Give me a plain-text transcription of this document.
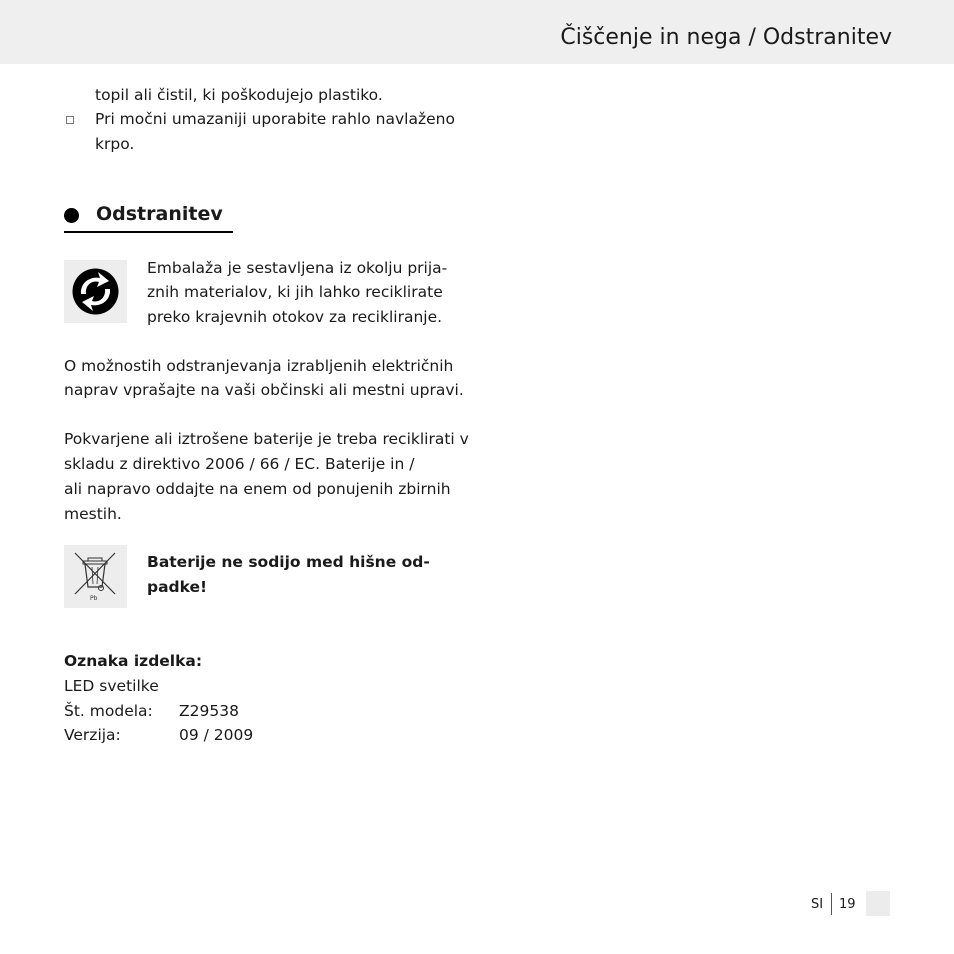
Čiščenje in nega / Odstranitev
topil ali čistil, ki poškodujejo plastiko.
Pri močni umazaniji uporabite rahlo navlaženo
krpo.
Odstranitev
Embalaža je sestavljena iz okolju prija-
znih materialov, ki jih lahko reciklirate
preko krajevnih otokov za recikliranje.
O možnostih odstranjevanja izrabljenih električnih
naprav vprašajte na vaši občinski ali mestni upravi.
Pokvarjene ali iztrošene baterije je treba reciklirati v
skladu z direktivo 2006 / 66 / EC. Baterije in /
ali napravo oddajte na enem od ponujenih zbirnih
mestih.
Pb
Baterije ne sodijo med hišne od-
padke!
Oznaka izdelka:
LED svetilke
Št. modela: Z29538
Verzija:	09 / 2009
SI 19
